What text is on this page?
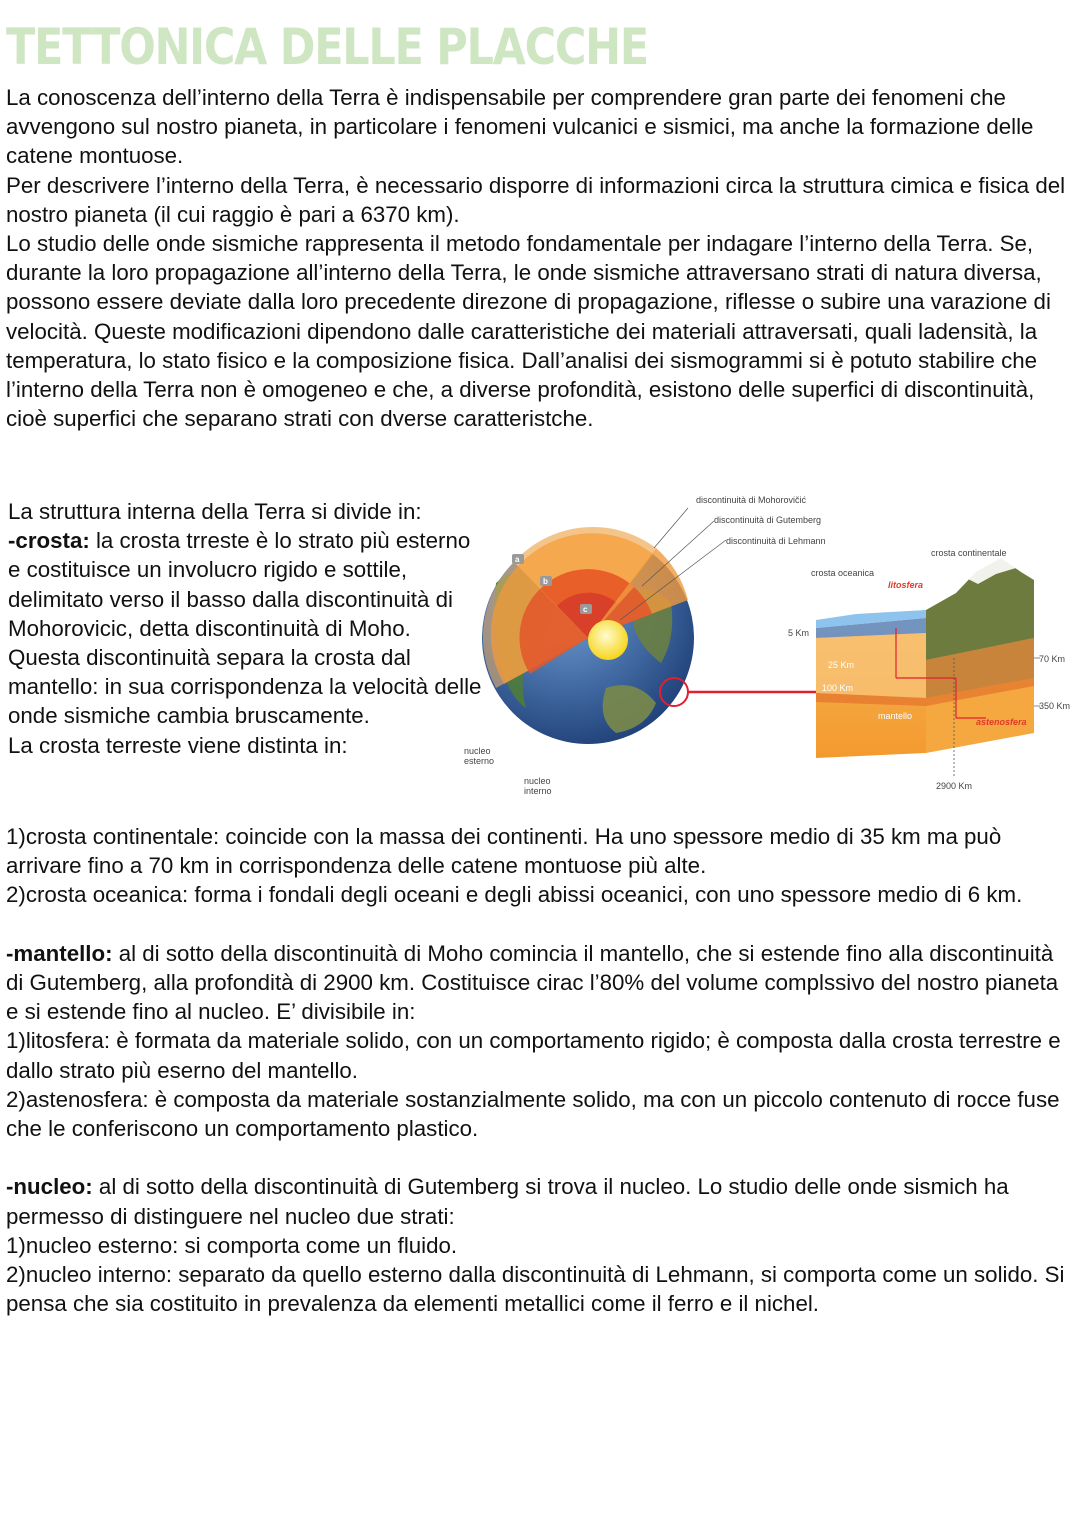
TETTONICA DELLE PLACCHE

La conoscenza dell’interno della Terra è indispensabile per comprendere gran parte dei fenomeni che avvengono sul nostro pianeta, in particolare i fenomeni vulcanici e sismici, ma anche la formazione delle catene montuose.

Per descrivere l’interno della Terra, è necessario disporre di informazioni circa la struttura cimica e fisica del nostro pianeta (il cui raggio è pari a 6370 km).

Lo studio delle onde sismiche rappresenta il metodo fondamentale per indagare l’interno della Terra. Se, durante la loro propagazione all’interno della Terra, le onde sismiche attraversano strati di natura diversa, possono essere deviate dalla loro precedente direzone di propagazione, riflesse o subire una varazione di velocità. Queste modificazioni dipendono dalle caratteristiche dei materiali attraversati, quali ladensità, la temperatura, lo stato fisico e la composizione fisica. Dall’analisi dei sismogrammi si è potuto stabilire che l’interno della Terra non è omogeneo e che, a diverse profondità, esistono delle superfici di discontinuità, cioè superfici che separano strati con dverse caratteristche.

La struttura interna della Terra si divide in:

-crosta: la crosta trreste è lo strato più esterno e costituisce un involucro rigido e sottile, delimitato verso il basso dalla discontinuità di Mohorovicic, detta discontinuità di Moho. Questa discontinuità separa la crosta dal mantello: in sua corrispondenza la velocità delle onde sismiche cambia bruscamente.

La crosta terreste viene distinta in:

a
b
c
discontinuità di Mohorovičić
discontinuità di Gutemberg
discontinuità di Lehmann
crosta continentale
crosta oceanica
litosfera
mantello
astenosfera
5 Km
25 Km
100 Km
70 Km
350 Km
2900 Km
nucleo
esterno
nucleo
interno

1)crosta continentale: coincide con la massa dei continenti. Ha uno spessore medio di 35 km ma può arrivare fino a 70 km in corrispondenza delle catene montuose più alte.

2)crosta oceanica: forma i fondali degli oceani e degli abissi oceanici, con uno spessore medio di 6 km.

-mantello: al di sotto della discontinuità di Moho comincia il mantello, che si estende fino alla discontinuità di Gutemberg, alla profondità di 2900 km. Costituisce cirac l’80% del volume complssivo del nostro pianeta e si estende fino al nucleo. E’ divisibile in:

1)litosfera: è formata da materiale solido, con un comportamento rigido; è composta dalla crosta terrestre e dallo strato più eserno del mantello.

2)astenosfera: è composta da materiale sostanzialmente solido, ma con un piccolo contenuto di rocce fuse che le conferiscono un comportamento plastico.

-nucleo: al di sotto della discontinuità di Gutemberg si trova il nucleo. Lo studio delle onde sismich ha permesso di distinguere nel nucleo due strati:

1)nucleo esterno: si comporta come un fluido.

2)nucleo interno: separato da quello esterno dalla discontinuità di Lehmann, si comporta come un solido. Si pensa che sia costituito in prevalenza da elementi metallici come il ferro e il nichel.
